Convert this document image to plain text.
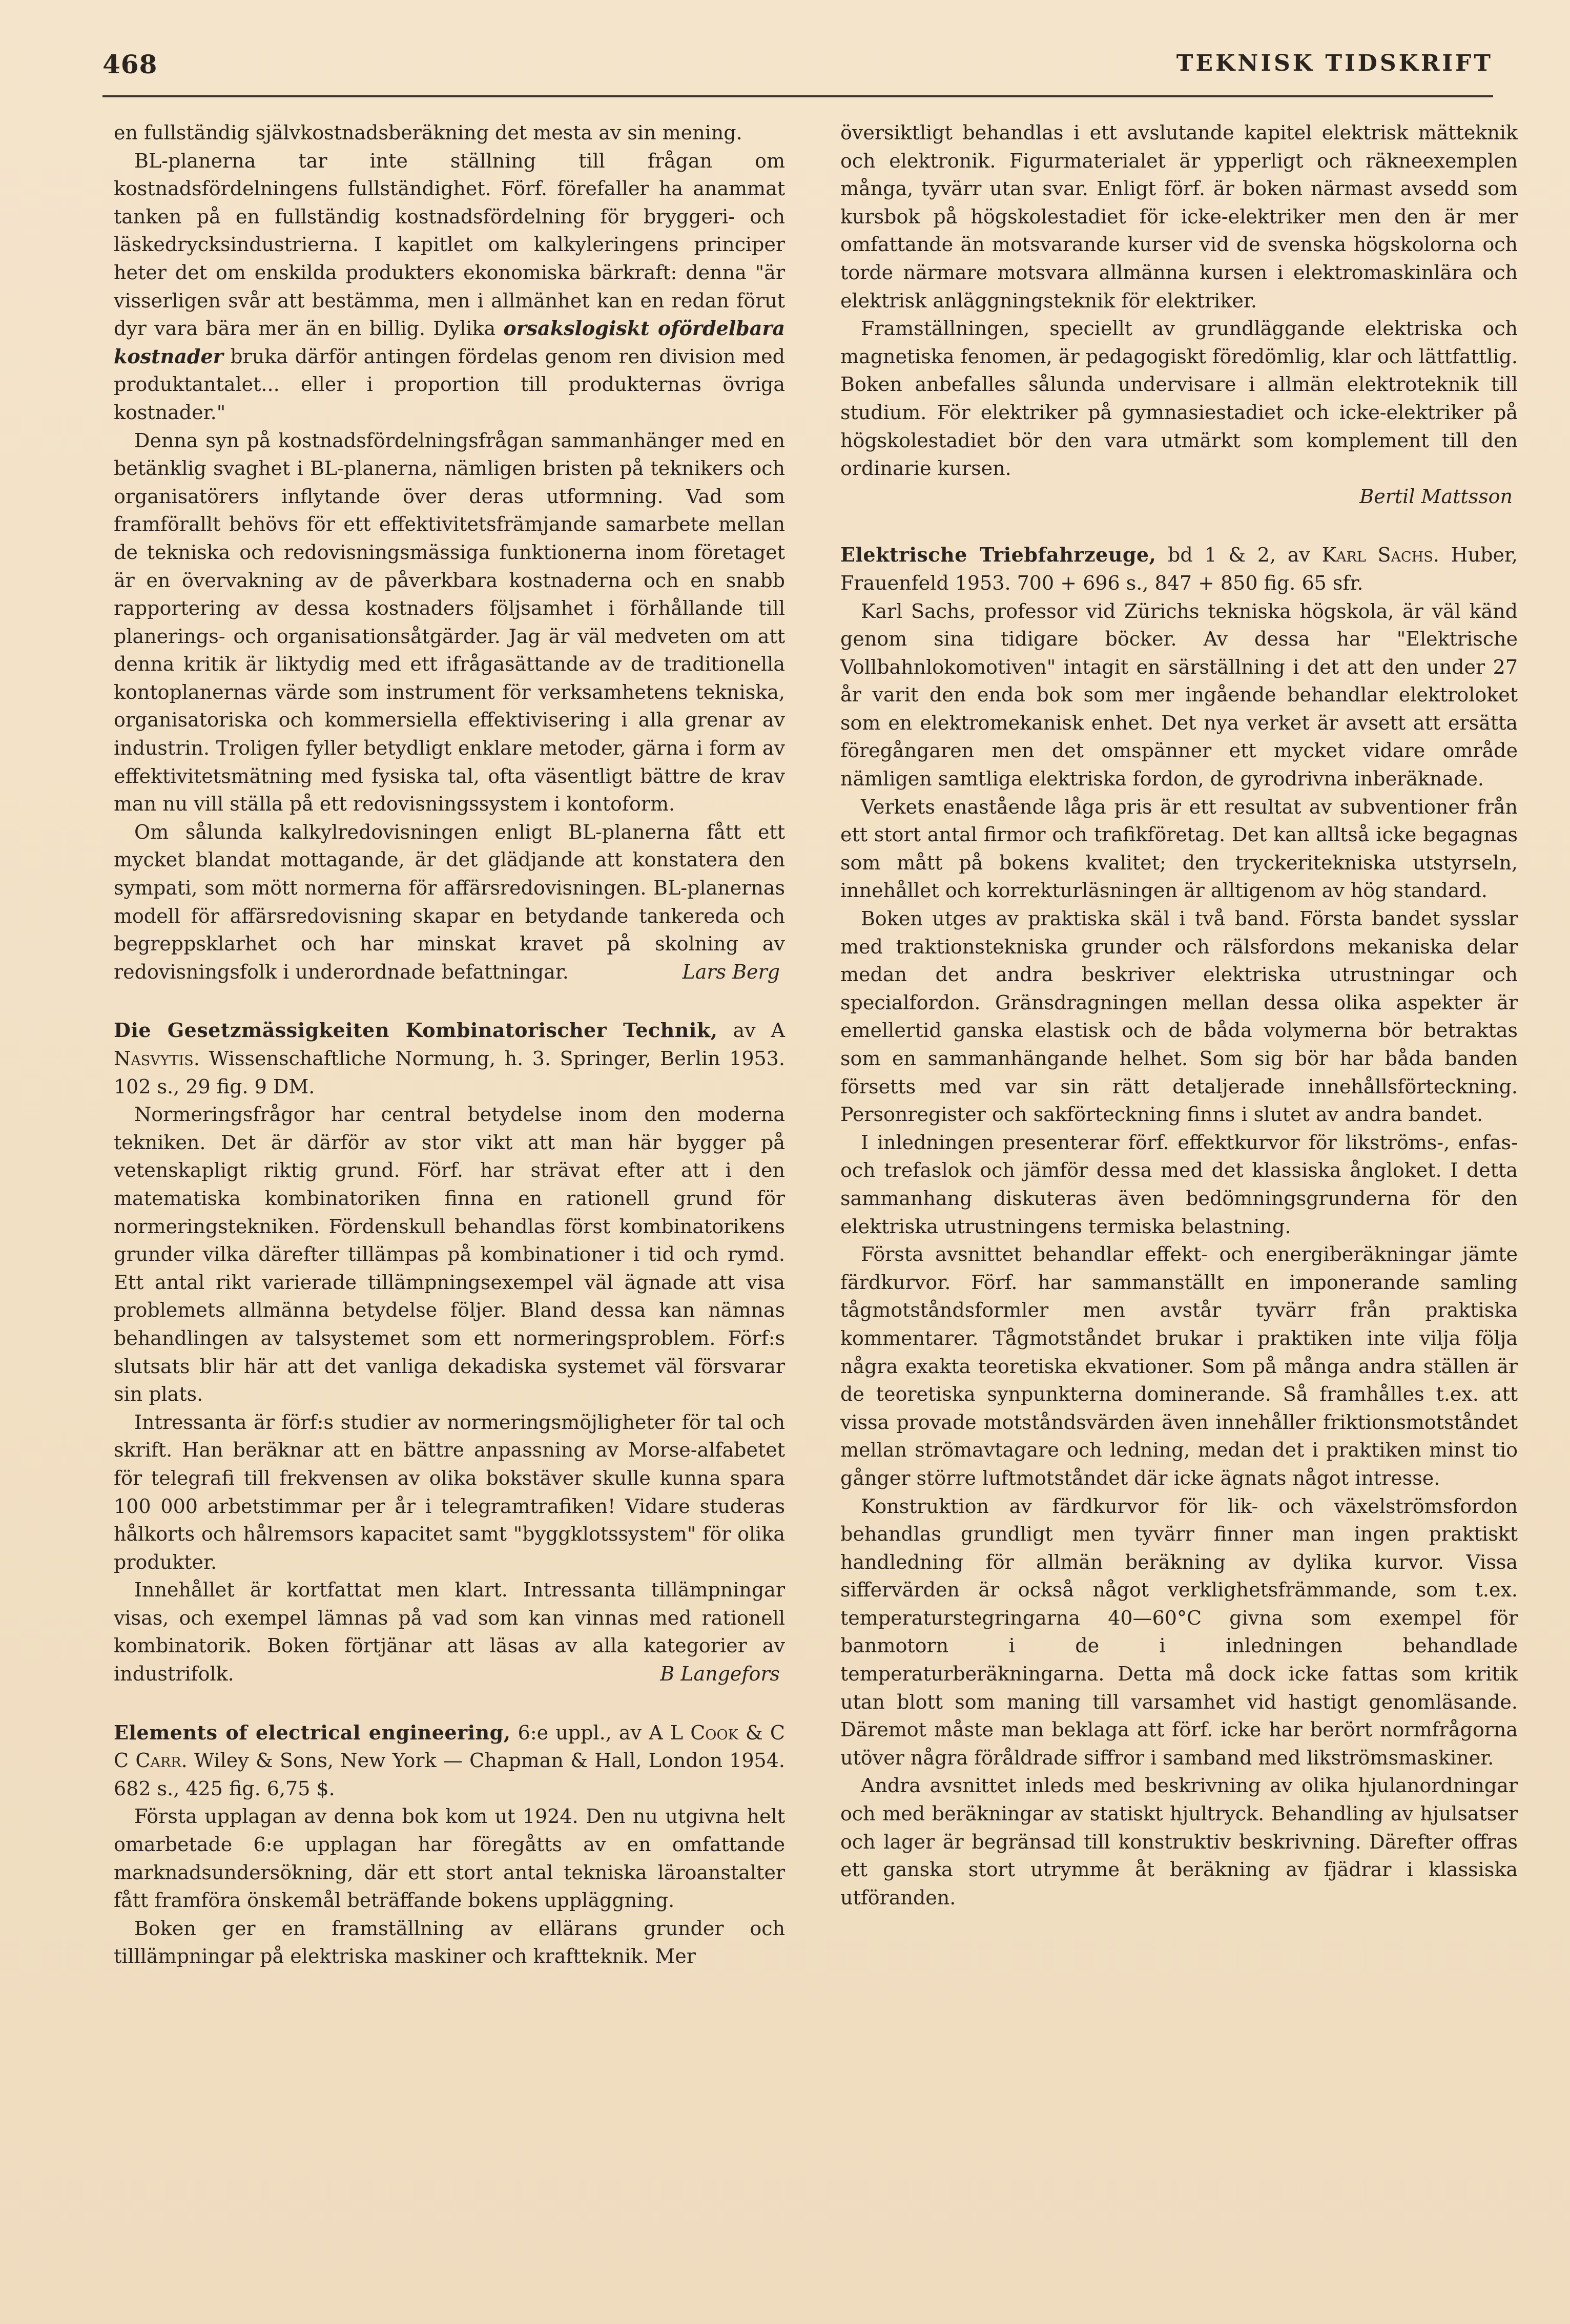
468	TEKNISK TIDSKRIFT

en fullständig självkostnadsberäkning det mesta av sin mening.

BL-planerna tar inte ställning till frågan om kostnadsfördelningens fullständighet. Förf. förefaller ha anammat tanken på en fullständig kostnadsfördelning för bryggeri- och läskedrycksindustrierna. I kapitlet om kalkyleringens principer heter det om enskilda produkters ekonomiska bärkraft: denna "är visserligen svår att bestämma, men i allmänhet kan en redan förut dyr vara bära mer än en billig. Dylika orsakslogiskt ofördelbara kostnader bruka därför antingen fördelas genom ren division med produktantalet... eller i proportion till produkternas övriga kostnader."

Denna syn på kostnadsfördelningsfrågan sammanhänger med en betänklig svaghet i BL-planerna, nämligen bristen på teknikers och organisatörers inflytande över deras utformning. Vad som framförallt behövs för ett effektivitetsfrämjande samarbete mellan de tekniska och redovisningsmässiga funktionerna inom företaget är en övervakning av de påverkbara kostnaderna och en snabb rapportering av dessa kostnaders följsamhet i förhållande till planerings- och organisationsåtgärder. Jag är väl medveten om att denna kritik är liktydig med ett ifrågasättande av de traditionella kontoplanernas värde som instrument för verksamhetens tekniska, organisatoriska och kommersiella effektivisering i alla grenar av industrin. Troligen fyller betydligt enklare metoder, gärna i form av effektivitetsmätning med fysiska tal, ofta väsentligt bättre de krav man nu vill ställa på ett redovisningssystem i kontoform.

Om sålunda kalkylredovisningen enligt BL-planerna fått ett mycket blandat mottagande, är det glädjande att konstatera den sympati, som mött normerna för affärsredovisningen. BL-planernas modell för affärsredovisning skapar en betydande tankereda och begreppsklarhet och har minskat kravet på skolning av redovisningsfolk i underordnade befattningar.	Lars Berg

Die Gesetzmässigkeiten Kombinatorischer Technik, av A Nasvytis. Wissenschaftliche Normung, h. 3. Springer, Berlin 1953. 102 s., 29 fig. 9 DM.

Normeringsfrågor har central betydelse inom den moderna tekniken. Det är därför av stor vikt att man här bygger på vetenskapligt riktig grund. Förf. har strävat efter att i den matematiska kombinatoriken finna en rationell grund för normeringstekniken. Fördenskull behandlas först kombinatorikens grunder vilka därefter tillämpas på kombinationer i tid och rymd. Ett antal rikt varierade tillämpningsexempel väl ägnade att visa problemets allmänna betydelse följer. Bland dessa kan nämnas behandlingen av talsystemet som ett normeringsproblem. Förf:s slutsats blir här att det vanliga dekadiska systemet väl försvarar sin plats.

Intressanta är förf:s studier av normeringsmöjligheter för tal och skrift. Han beräknar att en bättre anpassning av Morse-alfabetet för telegrafi till frekvensen av olika bokstäver skulle kunna spara 100 000 arbetstimmar per år i telegramtrafiken! Vidare studeras hålkorts och hålremsors kapacitet samt "byggklotssystem" för olika produkter.

Innehållet är kortfattat men klart. Intressanta tillämpningar visas, och exempel lämnas på vad som kan vinnas med rationell kombinatorik. Boken förtjänar att läsas av alla kategorier av industrifolk.	B Langefors

Elements of electrical engineering, 6:e uppl., av A L Cook & C C Carr. Wiley & Sons, New York — Chapman & Hall, London 1954. 682 s., 425 fig. 6,75 $.

Första upplagan av denna bok kom ut 1924. Den nu utgivna helt omarbetade 6:e upplagan har föregåtts av en omfattande marknadsundersökning, där ett stort antal tekniska läroanstalter fått framföra önskemål beträffande bokens uppläggning.

Boken ger en framställning av ellärans grunder och tilllämpningar på elektriska maskiner och kraftteknik. Mer

översiktligt behandlas i ett avslutande kapitel elektrisk mätteknik och elektronik. Figurmaterialet är ypperligt och räkneexemplen många, tyvärr utan svar. Enligt förf. är boken närmast avsedd som kursbok på högskolestadiet för icke-elektriker men den är mer omfattande än motsvarande kurser vid de svenska högskolorna och torde närmare motsvara allmänna kursen i elektromaskinlära och elektrisk anläggningsteknik för elektriker.

Framställningen, speciellt av grundläggande elektriska och magnetiska fenomen, är pedagogiskt föredömlig, klar och lättfattlig. Boken anbefalles sålunda undervisare i allmän elektroteknik till studium. För elektriker på gymnasiestadiet och icke-elektriker på högskolestadiet bör den vara utmärkt som komplement till den ordinarie kursen.

Bertil Mattsson

Elektrische Triebfahrzeuge, bd 1 & 2, av Karl Sachs. Huber, Frauenfeld 1953. 700 + 696 s., 847 + 850 fig. 65 sfr.

Karl Sachs, professor vid Zürichs tekniska högskola, är väl känd genom sina tidigare böcker. Av dessa har "Elektrische Vollbahnlokomotiven" intagit en särställning i det att den under 27 år varit den enda bok som mer ingående behandlar elektroloket som en elektromekanisk enhet. Det nya verket är avsett att ersätta föregångaren men det omspänner ett mycket vidare område nämligen samtliga elektriska fordon, de gyrodrivna inberäknade.

Verkets enastående låga pris är ett resultat av subventioner från ett stort antal firmor och trafikföretag. Det kan alltså icke begagnas som mått på bokens kvalitet; den tryckeritekniska utstyrseln, innehållet och korrekturläsningen är alltigenom av hög standard.

Boken utges av praktiska skäl i två band. Första bandet sysslar med traktionstekniska grunder och rälsfordons mekaniska delar medan det andra beskriver elektriska utrustningar och specialfordon. Gränsdragningen mellan dessa olika aspekter är emellertid ganska elastisk och de båda volymerna bör betraktas som en sammanhängande helhet. Som sig bör har båda banden försetts med var sin rätt detaljerade innehållsförteckning. Personregister och sakförteckning finns i slutet av andra bandet.

I inledningen presenterar förf. effektkurvor för likströms-, enfas- och trefaslok och jämför dessa med det klassiska ångloket. I detta sammanhang diskuteras även bedömningsgrunderna för den elektriska utrustningens termiska belastning.

Första avsnittet behandlar effekt- och energiberäkningar jämte färdkurvor. Förf. har sammanställt en imponerande samling tågmotståndsformler men avstår tyvärr från praktiska kommentarer. Tågmotståndet brukar i praktiken inte vilja följa några exakta teoretiska ekvationer. Som på många andra ställen är de teoretiska synpunkterna dominerande. Så framhålles t.ex. att vissa provade motståndsvärden även innehåller friktionsmotståndet mellan strömavtagare och ledning, medan det i praktiken minst tio gånger större luftmotståndet där icke ägnats något intresse.

Konstruktion av färdkurvor för lik- och växelströmsfordon behandlas grundligt men tyvärr finner man ingen praktiskt handledning för allmän beräkning av dylika kurvor. Vissa siffervärden är också något verklighetsfrämmande, som t.ex. temperaturstegringarna 40—60°C givna som exempel för banmotorn i de i inledningen behandlade temperaturberäkningarna. Detta må dock icke fattas som kritik utan blott som maning till varsamhet vid hastigt genomläsande. Däremot måste man beklaga att förf. icke har berört normfrågorna utöver några föråldrade siffror i samband med likströmsmaskiner.

Andra avsnittet inleds med beskrivning av olika hjulanordningar och med beräkningar av statiskt hjultryck. Behandling av hjulsatser och lager är begränsad till konstruktiv beskrivning. Därefter offras ett ganska stort utrymme åt beräkning av fjädrar i klassiska utföranden.
